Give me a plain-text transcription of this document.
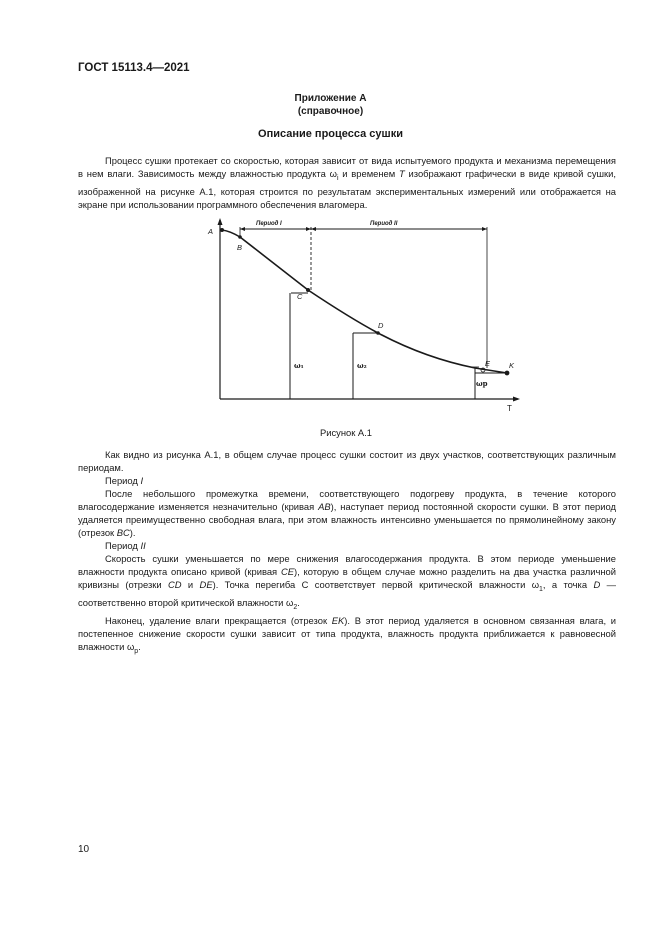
ГОСТ 15113.4—2021
Приложение А
(справочное)
Описание процесса сушки

Процесс сушки протекает со скоростью, которая зависит от вида испытуемого продукта и механизма перемещения в нем влаги. Зависимость между влажностью продукта $\omega_i$ и временем T изображают графически в виде кривой сушки, изображенной на рисунке А.1, которая строится по результатам экспериментальных измерений или отображается на экране при использовании программного обеспечения влагомера.

Период I	Период II
A
B
C
D
E	K
ω₁	ω₂
ωр
T
Рисунок А.1

Как видно из рисунка А.1, в общем случае процесс сушки состоит из двух участков, соответствующих различным периодам.

Период I

После небольшого промежутка времени, соответствующего подогреву продукта, в течение которого влагосодержание изменяется незначительно (кривая AB), наступает период постоянной скорости сушки. В этот период удаляется преимущественно свободная влага, при этом влажность интенсивно уменьшается по прямолинейному закону (отрезок BC).

Период II

Скорость сушки уменьшается по мере снижения влагосодержания продукта. В этом периоде уменьшение влажности продукта описано кривой (кривая CE), которую в общем случае можно разделить на два участка различной кривизны (отрезки CD и DE). Точка перегиба C соответствует первой критической влажности $\omega_1$, а точка D — соответственно второй критической влажности $\omega_2$.

Наконец, удаление влаги прекращается (отрезок EK). В этот период удаляется в основном связанная влага, и постепенное снижение скорости сушки зависит от типа продукта, влажность продукта приближается к равновесной влажности $\omega_р$.

10
